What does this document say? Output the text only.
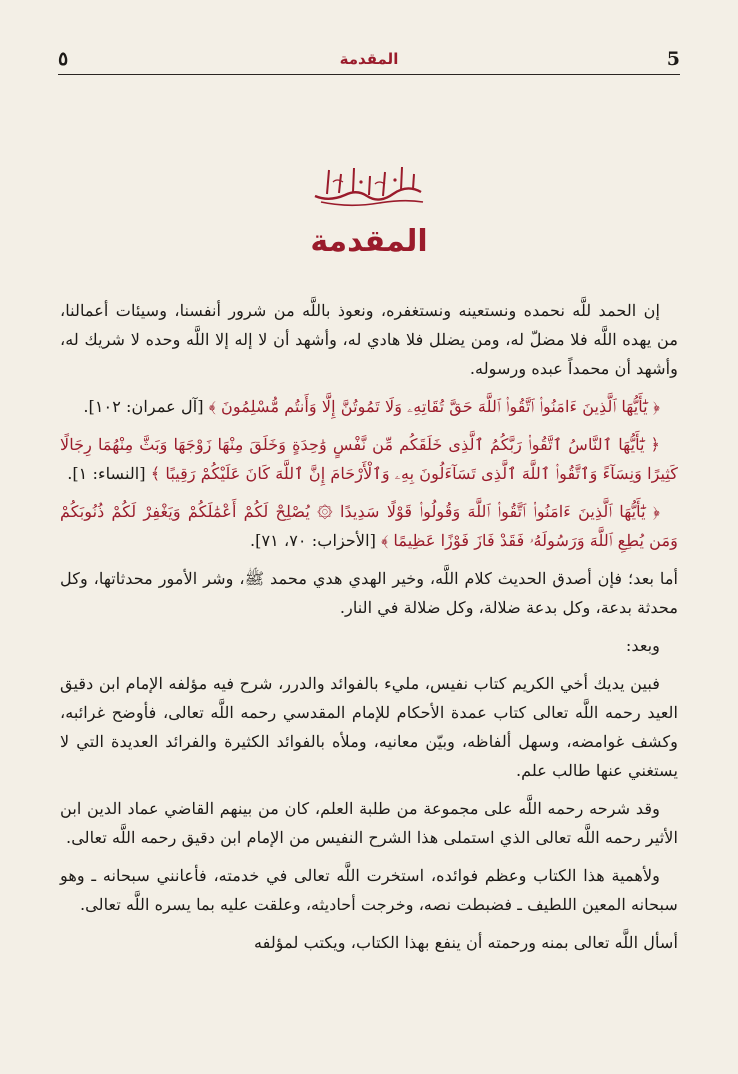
5
المقدمة
٥
المقدمة

إن الحمد للَّه نحمده ونستعينه ونستغفره، ونعوذ باللَّه من شرور أنفسنا، وسيئات أعمالنا، من يهده اللَّه فلا مضلّ له، ومن يضلل فلا هادي له، وأشهد أن لا إله إلا اللَّه وحده لا شريك له، وأشهد أن محمداً عبده ورسوله.

﴿ يَٰٓأَيُّهَا ٱلَّذِينَ ءَامَنُوا۟ ٱتَّقُوا۟ ٱللَّهَ حَقَّ تُقَاتِهِۦ وَلَا تَمُوتُنَّ إِلَّا وَأَنتُم مُّسْلِمُونَ ﴾ [آل عمران: ١٠٢].

﴿ يَٰٓأَيُّهَا ٱلنَّاسُ ٱتَّقُوا۟ رَبَّكُمُ ٱلَّذِى خَلَقَكُم مِّن نَّفْسٍ وَٰحِدَةٍ وَخَلَقَ مِنْهَا زَوْجَهَا وَبَثَّ مِنْهُمَا رِجَالًا كَثِيرًا وَنِسَآءً وَٱتَّقُوا۟ ٱللَّهَ ٱلَّذِى تَسَآءَلُونَ بِهِۦ وَٱلْأَرْحَامَ إِنَّ ٱللَّهَ كَانَ عَلَيْكُمْ رَقِيبًا ﴾ [النساء: ١].

﴿ يَٰٓأَيُّهَا ٱلَّذِينَ ءَامَنُوا۟ ٱتَّقُوا۟ ٱللَّهَ وَقُولُوا۟ قَوْلًا سَدِيدًا ۞ يُصْلِحْ لَكُمْ أَعْمَٰلَكُمْ وَيَغْفِرْ لَكُمْ ذُنُوبَكُمْ وَمَن يُطِعِ ٱللَّهَ وَرَسُولَهُۥ فَقَدْ فَازَ فَوْزًا عَظِيمًا ﴾ [الأحزاب: ٧٠، ٧١].

أما بعد؛ فإن أصدق الحديث كلام اللَّه، وخير الهدي هدي محمد ﷺ، وشر الأمور محدثاتها، وكل محدثة بدعة، وكل بدعة ضلالة، وكل ضلالة في النار.

وبعد:

فبين يديك أخي الكريم كتاب نفيس، مليء بالفوائد والدرر، شرح فيه مؤلفه الإمام ابن دقيق العيد رحمه اللَّه تعالى كتاب عمدة الأحكام للإمام المقدسي رحمه اللَّه تعالى، فأوضح غرائبه، وكشف غوامضه، وسهل ألفاظه، وبيّن معانيه، وملأه بالفوائد الكثيرة والفرائد العديدة التي لا يستغني عنها طالب علم.

وقد شرحه رحمه اللَّه على مجموعة من طلبة العلم، كان من بينهم القاضي عماد الدين ابن الأثير رحمه اللَّه تعالى الذي استملى هذا الشرح النفيس من الإمام ابن دقيق رحمه اللَّه تعالى.

ولأهمية هذا الكتاب وعظم فوائده، استخرت اللَّه تعالى في خدمته، فأعانني سبحانه ـ وهو سبحانه المعين اللطيف ـ فضبطت نصه، وخرجت أحاديثه، وعلقت عليه بما يسره اللَّه تعالى.

أسأل اللَّه تعالى بمنه ورحمته أن ينفع بهذا الكتاب، ويكتب لمؤلفه
